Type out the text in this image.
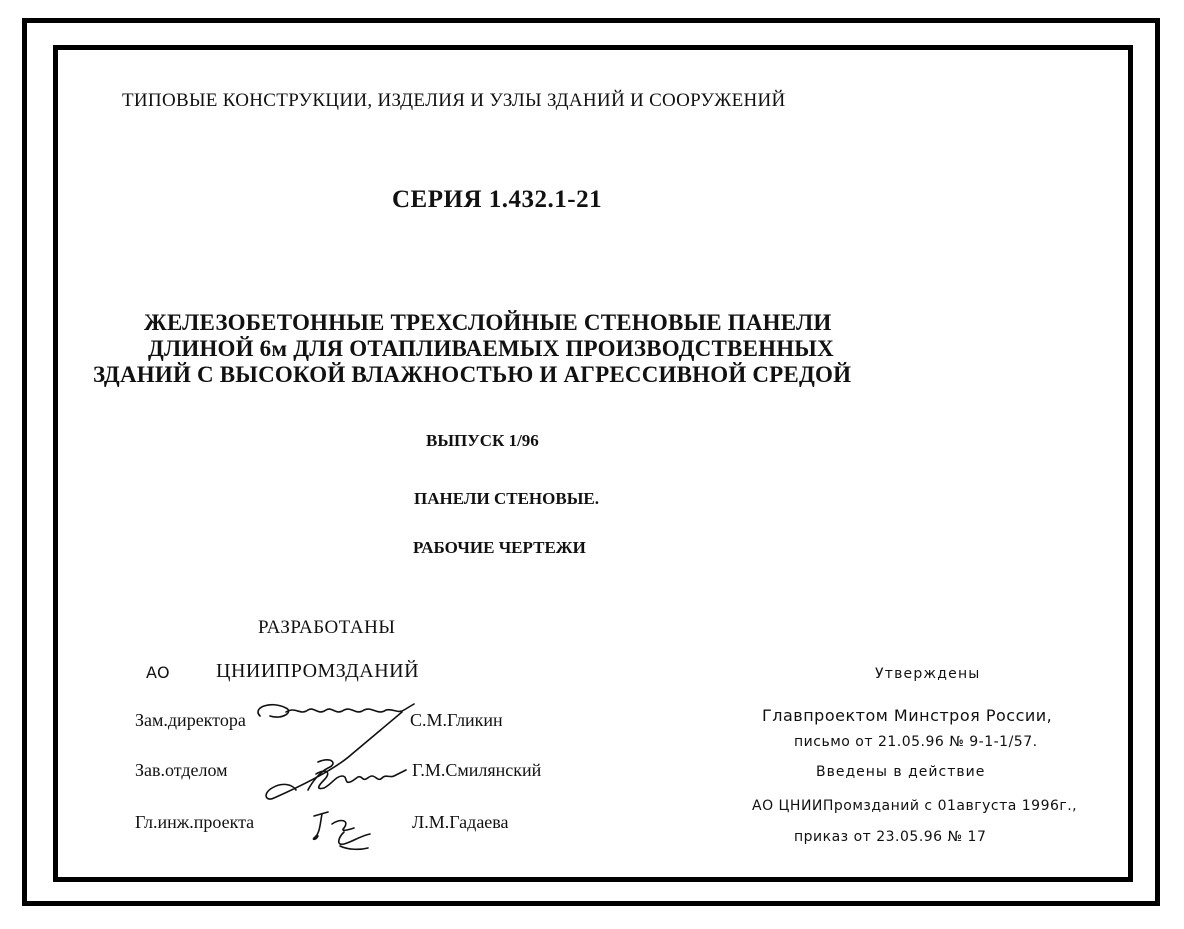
ТИПОВЫЕ КОНСТРУКЦИИ, ИЗДЕЛИЯ И УЗЛЫ ЗДАНИЙ И СООРУЖЕНИЙ
СЕРИЯ 1.432.1-21
ЖЕЛЕЗОБЕТОННЫЕ ТРЕХСЛОЙНЫЕ СТЕНОВЫЕ ПАНЕЛИ
ДЛИНОЙ 6м ДЛЯ ОТАПЛИВАЕМЫХ ПРОИЗВОДСТВЕННЫХ
ЗДАНИЙ С ВЫСОКОЙ ВЛАЖНОСТЬЮ И АГРЕССИВНОЙ СРЕДОЙ
ВЫПУСК 1/96
ПАНЕЛИ СТЕНОВЫЕ.
РАБОЧИЕ ЧЕРТЕЖИ
РАЗРАБОТАНЫ
АО ЦНИИПРОМЗДАНИЙ
Зам.директора
Зав.отделом
Гл.инж.проекта
С.М.Гликин
Г.М.Смилянский
Л.М.Гадаева
Утверждены
Главпроектом Минстроя России,
письмо от 21.05.96 № 9-1-1/57.
Введены в действие
АО ЦНИИПромзданий с 01августа 1996г.,
приказ от 23.05.96 № 17
